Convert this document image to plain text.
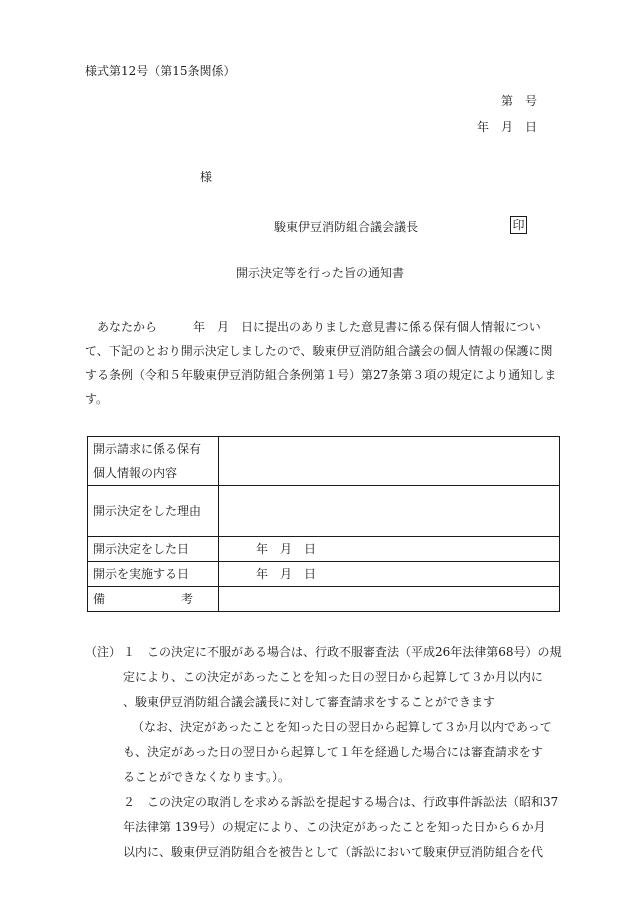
様式第12号（第15条関係）
第　号
年　月　日
様
駿東伊豆消防組合議会議長	印
開示決定等を行った旨の通知書
　あなたから　　　年　月　日に提出のありました意見書に係る保有個人情報につい
て、下記のとおり開示決定しましたので、駿東伊豆消防組合議会の個人情報の保護に関
する条例（令和５年駿東伊豆消防組合条例第１号）第27条第３項の規定により通知しま
す。
開示請求に係る保有
個人情報の内容	

開示決定をした理由	
開示決定をした日	年　月　日
開示を実施する日	年　月　日

備 考	

（注） １ この決定に不服がある場合は、行政不服審査法（平成26年法律第68号）の規
定により、この決定があったことを知った日の翌日から起算して３か月以内に
、駿東伊豆消防組合議会議長に対して審査請求をすることができます
（なお、決定があったことを知った日の翌日から起算して３か月以内であって
も、決定があった日の翌日から起算して１年を経過した場合には審査請求をす
ることができなくなります。）。
２ この決定の取消しを求める訴訟を提起する場合は、行政事件訴訟法（昭和37
年法律第 139号）の規定により、この決定があったことを知った日から６か月
以内に、駿東伊豆消防組合を被告として（訴訟において駿東伊豆消防組合を代
